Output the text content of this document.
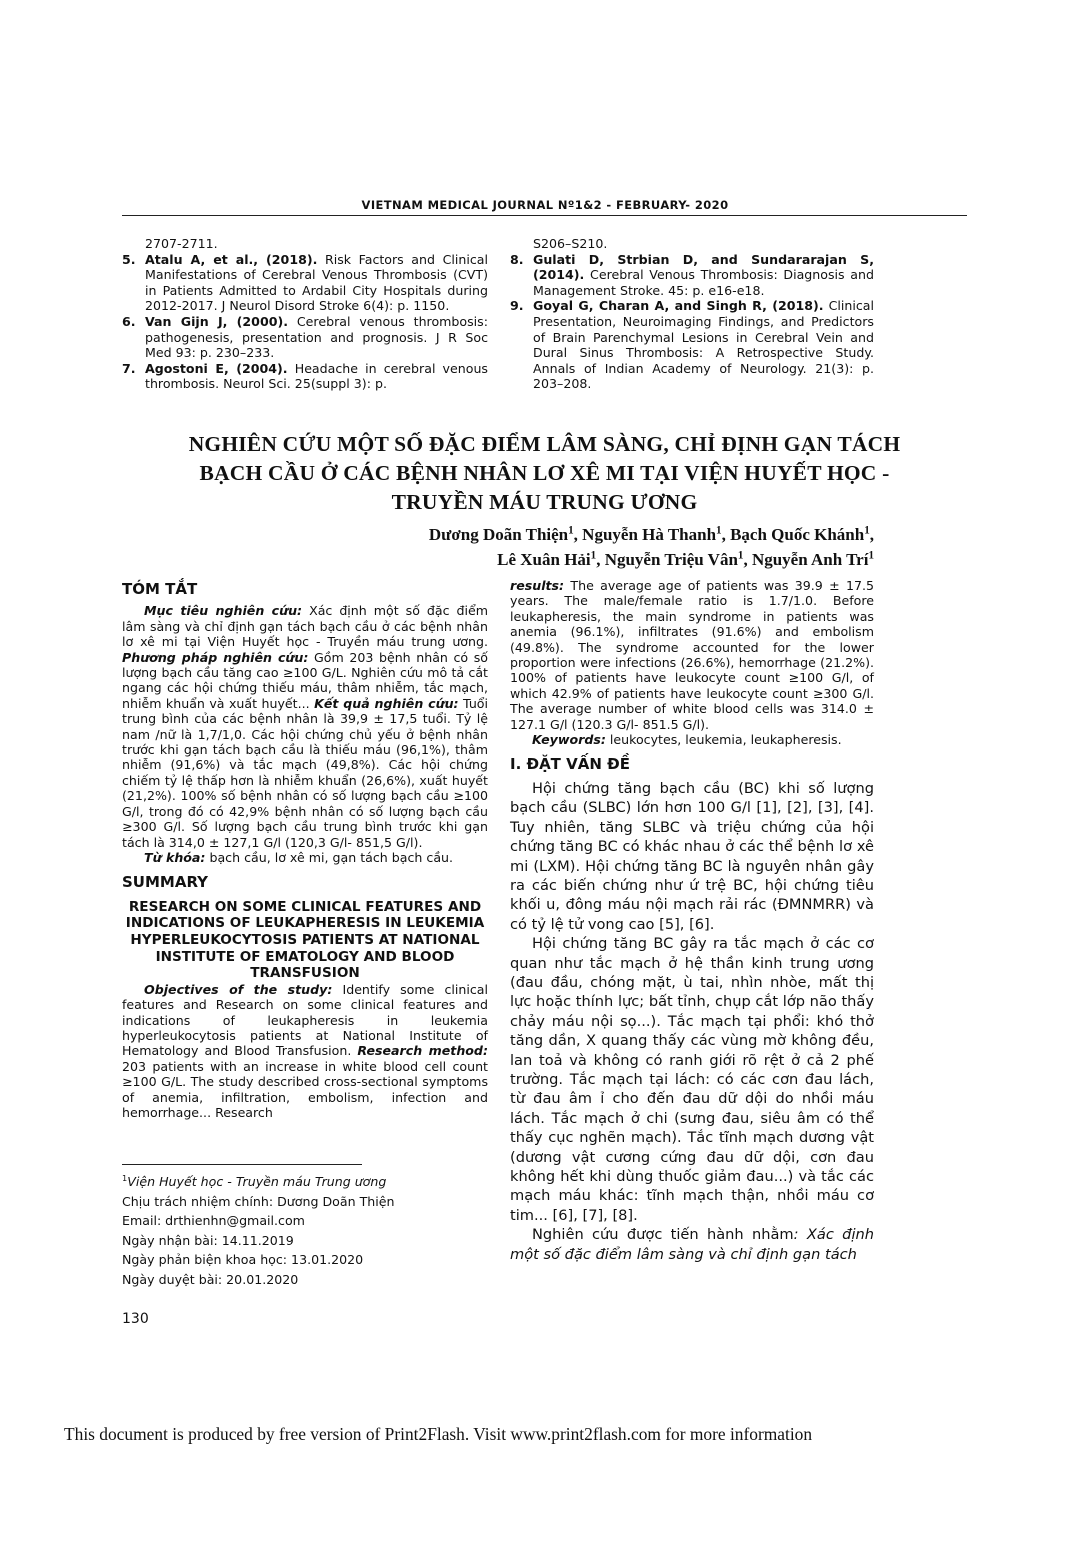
VIETNAM MEDICAL JOURNAL Nº1&2 - FEBRUARY- 2020
2707-2711.
5. Atalu A, et al., (2018). Risk Factors and Clinical Manifestations of Cerebral Venous Thrombosis (CVT) in Patients Admitted to Ardabil City Hospitals during 2012-2017. J Neurol Disord Stroke 6(4): p. 1150.
6. Van Gijn J, (2000). Cerebral venous thrombosis: pathogenesis, presentation and prognosis. J R Soc Med 93: p. 230–233.
7. Agostoni E, (2004). Headache in cerebral venous thrombosis. Neurol Sci. 25(suppl 3): p.
S206–S210.
8. Gulati D, Strbian D, and Sundararajan S, (2014). Cerebral Venous Thrombosis: Diagnosis and Management Stroke. 45: p. e16-e18.
9. Goyal G, Charan A, and Singh R, (2018). Clinical Presentation, Neuroimaging Findings, and Predictors of Brain Parenchymal Lesions in Cerebral Vein and Dural Sinus Thrombosis: A Retrospective Study. Annals of Indian Academy of Neurology. 21(3): p. 203–208.
NGHIÊN CỨU MỘT SỐ ĐẶC ĐIỂM LÂM SÀNG, CHỈ ĐỊNH GẠN TÁCH
BẠCH CẦU Ở CÁC BỆNH NHÂN LƠ XÊ MI TẠI VIỆN HUYẾT HỌC -
TRUYỀN MÁU TRUNG ƯƠNG
Dương Doãn Thiện$^1$, Nguyễn Hà Thanh$^1$, Bạch Quốc Khánh$^1$,
Lê Xuân Hải$^1$, Nguyễn Triệu Vân$^1$, Nguyễn Anh Trí$^1$
TÓM TẮT

Mục tiêu nghiên cứu: Xác định một số đặc điểm lâm sàng và chỉ định gạn tách bạch cầu ở các bệnh nhân lơ xê mi tại Viện Huyết học - Truyền máu trung ương. Phương pháp nghiên cứu: Gồm 203 bệnh nhân có số lượng bạch cầu tăng cao ≥100 G/L. Nghiên cứu mô tả cắt ngang các hội chứng thiếu máu, thâm nhiễm, tắc mạch, nhiễm khuẩn và xuất huyết... Kết quả nghiên cứu: Tuổi trung bình của các bệnh nhân là 39,9 ± 17,5 tuổi. Tỷ lệ nam /nữ là 1,7/1,0. Các hội chứng chủ yếu ở bệnh nhân trước khi gạn tách bạch cầu là thiếu máu (96,1%), thâm nhiễm (91,6%) và tắc mạch (49,8%). Các hội chứng chiếm tỷ lệ thấp hơn là nhiễm khuẩn (26,6%), xuất huyết (21,2%). 100% số bệnh nhân có số lượng bạch cầu ≥100 G/l, trong đó có 42,9% bệnh nhân có số lượng bạch cầu ≥300 G/l. Số lượng bạch cầu trung bình trước khi gạn tách là 314,0 ± 127,1 G/l (120,3 G/l- 851,5 G/l).

Từ khóa: bạch cầu, lơ xê mi, gạn tách bạch cầu.

SUMMARY
RESEARCH ON SOME CLINICAL FEATURES AND INDICATIONS OF LEUKAPHERESIS IN LEUKEMIA HYPERLEUKOCYTOSIS PATIENTS AT NATIONAL INSTITUTE OF EMATOLOGY AND BLOOD TRANSFUSION

Objectives of the study: Identify some clinical features and Research on some clinical features and indications of leukapheresis in leukemia hyperleukocytosis patients at National Institute of Hematology and Blood Transfusion. Research method: 203 patients with an increase in white blood cell count ≥100 G/L. The study described cross-sectional symptoms of anemia, infiltration, embolism, infection and hemorrhage... Research

results: The average age of patients was 39.9 ± 17.5 years. The male/female ratio is 1.7/1.0. Before leukapheresis, the main syndrome in patients was anemia (96.1%), infiltrates (91.6%) and embolism (49.8%). The syndrome accounted for the lower proportion were infections (26.6%), hemorrhage (21.2%). 100% of patients have leukocyte count ≥100 G/l, of which 42.9% of patients have leukocyte count ≥300 G/l. The average number of white blood cells was 314.0 ± 127.1 G/l (120.3 G/l- 851.5 G/l).

Keywords: leukocytes, leukemia, leukapheresis.

I. ĐẶT VẤN ĐỀ

Hội chứng tăng bạch cầu (BC) khi số lượng bạch cầu (SLBC) lớn hơn 100 G/l [1], [2], [3], [4]. Tuy nhiên, tăng SLBC và triệu chứng của hội chứng tăng BC có khác nhau ở các thể bệnh lơ xê mi (LXM). Hội chứng tăng BC là nguyên nhân gây ra các biến chứng như ứ trệ BC, hội chứng tiêu khối u, đông máu nội mạch rải rác (ĐMNMRR) và có tỷ lệ tử vong cao [5], [6].

Hội chứng tăng BC gây ra tắc mạch ở các cơ quan như tắc mạch ở hệ thần kinh trung ương (đau đầu, chóng mặt, ù tai, nhìn nhòe, mất thị lực hoặc thính lực; bất tỉnh, chụp cắt lớp não thấy chảy máu nội sọ...). Tắc mạch tại phổi: khó thở tăng dần, X quang thấy các vùng mờ không đều, lan toả và không có ranh giới rõ rệt ở cả 2 phế trường. Tắc mạch tại lách: có các cơn đau lách, từ đau âm ỉ cho đến đau dữ dội do nhồi máu lách. Tắc mạch ở chi (sưng đau, siêu âm có thể thấy cục nghẽn mạch). Tắc tĩnh mạch dương vật (dương vật cương cứng đau dữ dội, cơn đau không hết khi dùng thuốc giảm đau...) và tắc các mạch máu khác: tĩnh mạch thận, nhồi máu cơ tim... [6], [7], [8].

Nghiên cứu được tiến hành nhằm: Xác định một số đặc điểm lâm sàng và chỉ định gạn tách

$^1$Viện Huyết học - Truyền máu Trung ương
Chịu trách nhiệm chính: Dương Doãn Thiện
Email: drthienhn@gmail.com
Ngày nhận bài: 14.11.2019
Ngày phản biện khoa học: 13.01.2020
Ngày duyệt bài: 20.01.2020
130
This document is produced by free version of Print2Flash. Visit www.print2flash.com for more information
